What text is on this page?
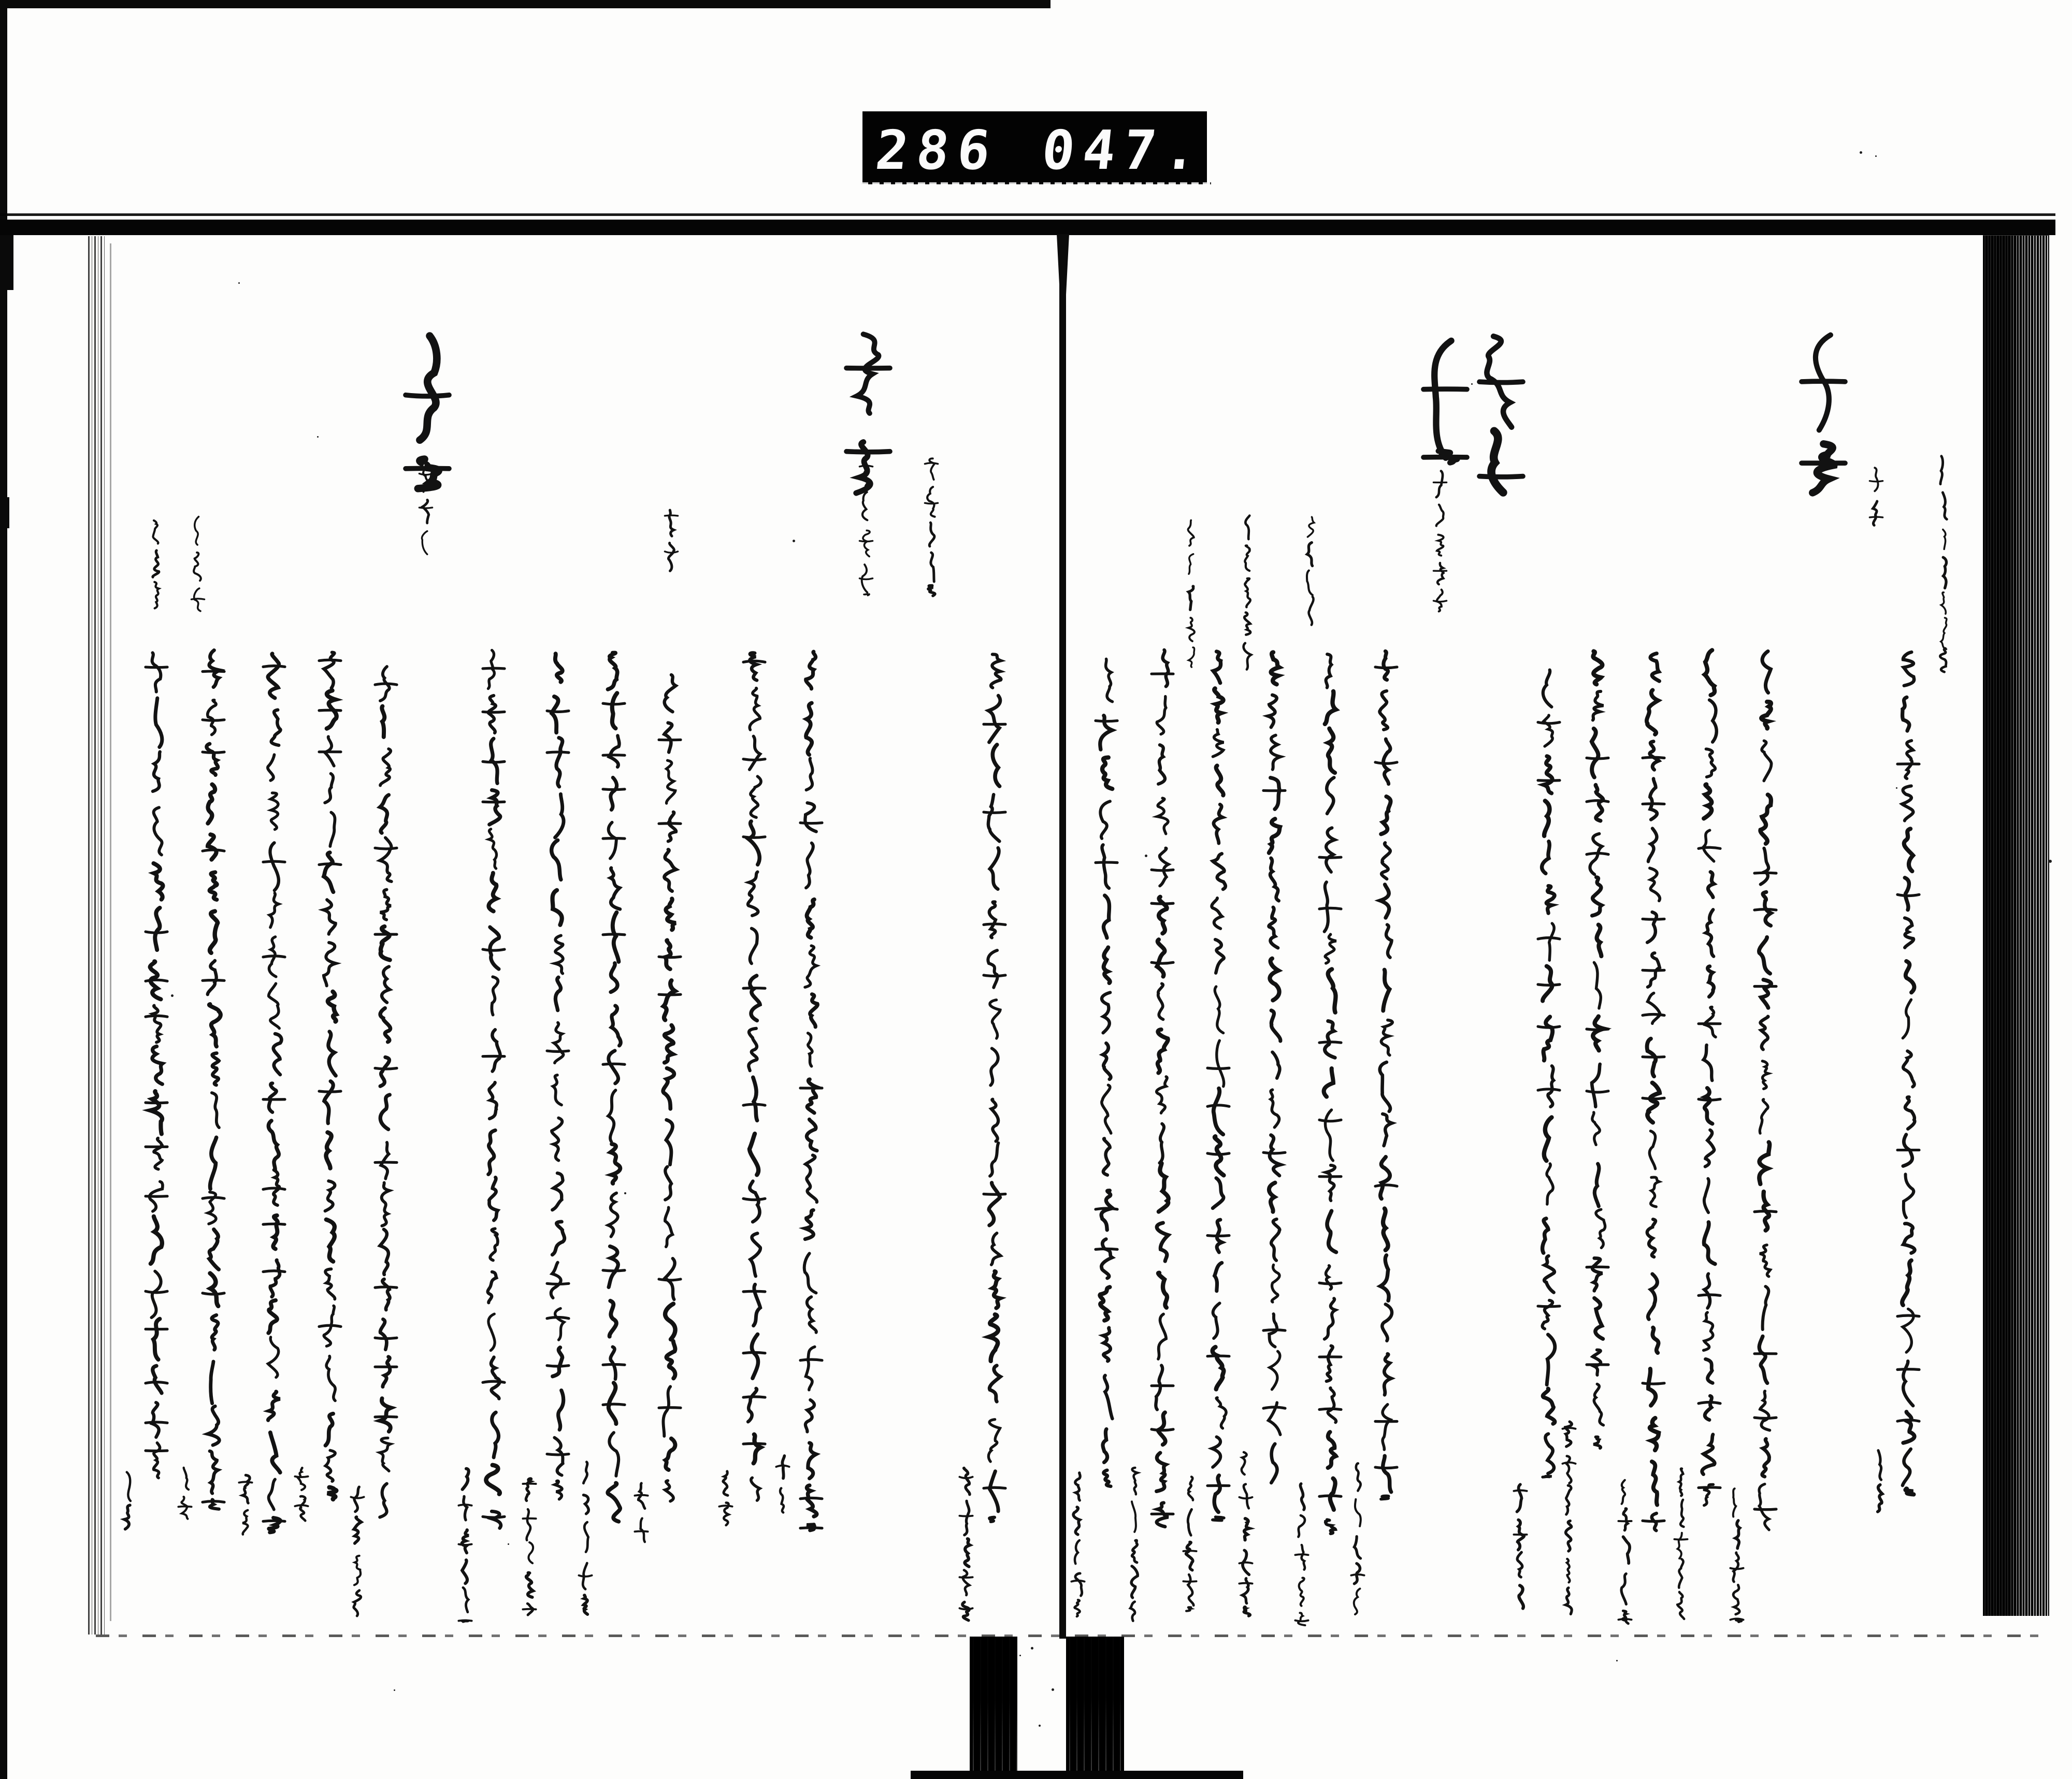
286 047.
